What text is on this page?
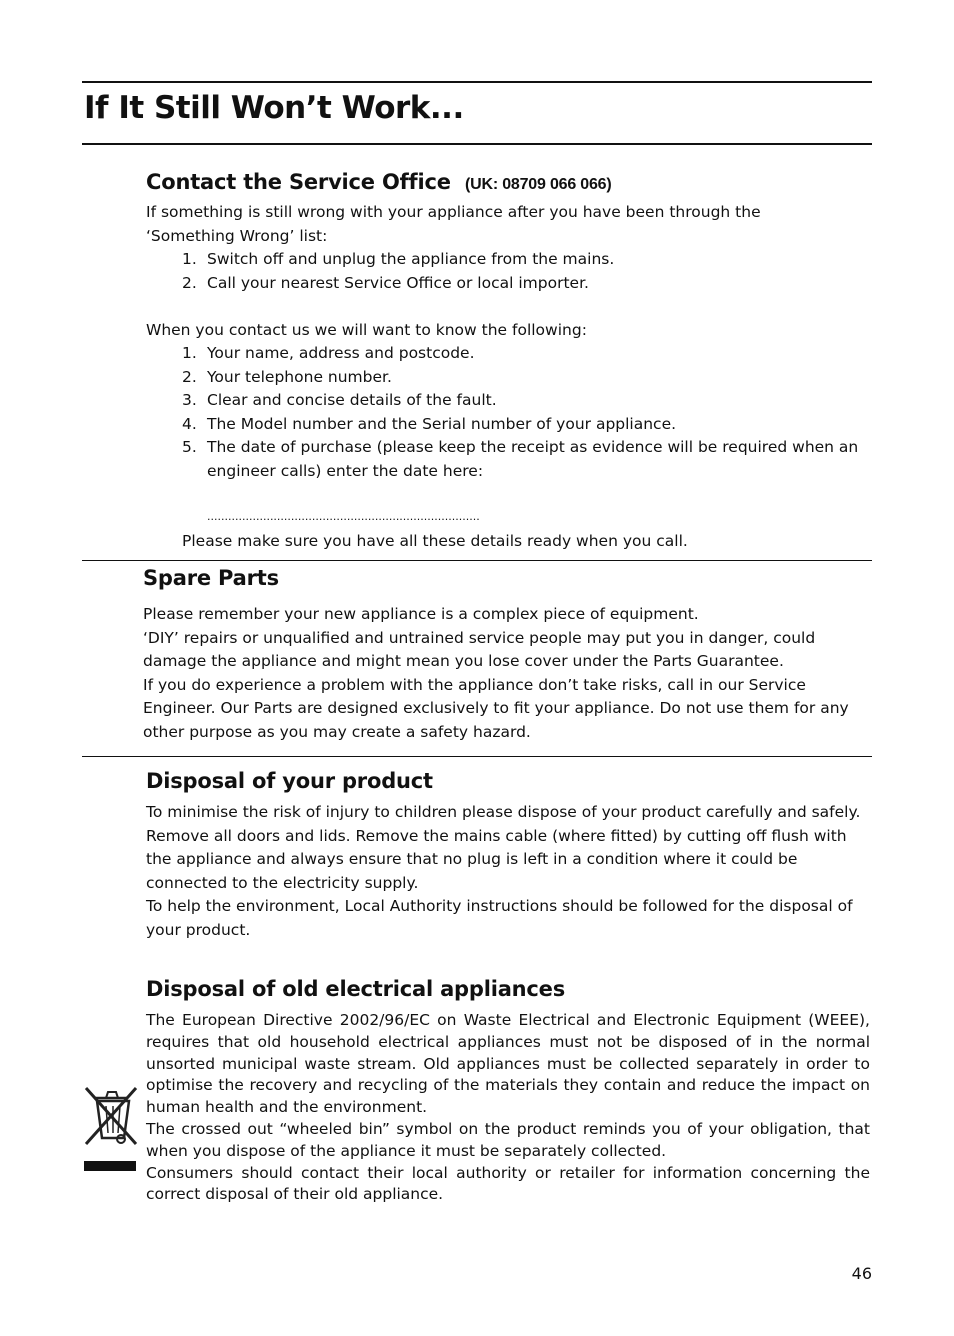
If It Still Won’t Work...
Contact the Service Office (UK: 08709 066 066)

If something is still wrong with your appliance after you have been through the ‘Something Wrong’ list:

1. Switch off and unplug the appliance from the mains.
2. Call your nearest Service Office or local importer.

When you contact us we will want to know the following:

1. Your name, address and postcode.
2. Your telephone number.
3. Clear and concise details of the fault.
4. The Model number and the Serial number of your appliance.
5. The date of purchase (please keep the receipt as evidence will be required when an engineer calls) enter the date here:
..............................................................................

Please make sure you have all these details ready when you call.

Spare Parts
Please remember your new appliance is a complex piece of equipment.
‘DIY’ repairs or unqualified and untrained service people may put you in danger, could damage the appliance and might mean you lose cover under the Parts Guarantee.
If you do experience a problem with the appliance don’t take risks, call in our Service Engineer. Our Parts are designed exclusively to fit your appliance. Do not use them for any other purpose as you may create a safety hazard.
Disposal of your product
To minimise the risk of injury to children please dispose of your product carefully and safely. Remove all doors and lids. Remove the mains cable (where fitted) by cutting off flush with the appliance and always ensure that no plug is left in a condition where it could be connected to the electricity supply.
To help the environment, Local Authority instructions should be followed for the disposal of your product.
Disposal of old electrical appliances
The European Directive 2002/96/EC on Waste Electrical and Electronic Equipment (WEEE), requires that old household electrical appliances must not be disposed of in the normal unsorted municipal waste stream. Old appliances must be collected separately in order to optimise the recovery and recycling of the materials they contain and reduce the impact on human health and the environment.
The crossed out “wheeled bin” symbol on the product reminds you of your obligation, that when you dispose of the appliance it must be separately collected.
Consumers should contact their local authority or retailer for information concerning the correct disposal of their old appliance.
46
